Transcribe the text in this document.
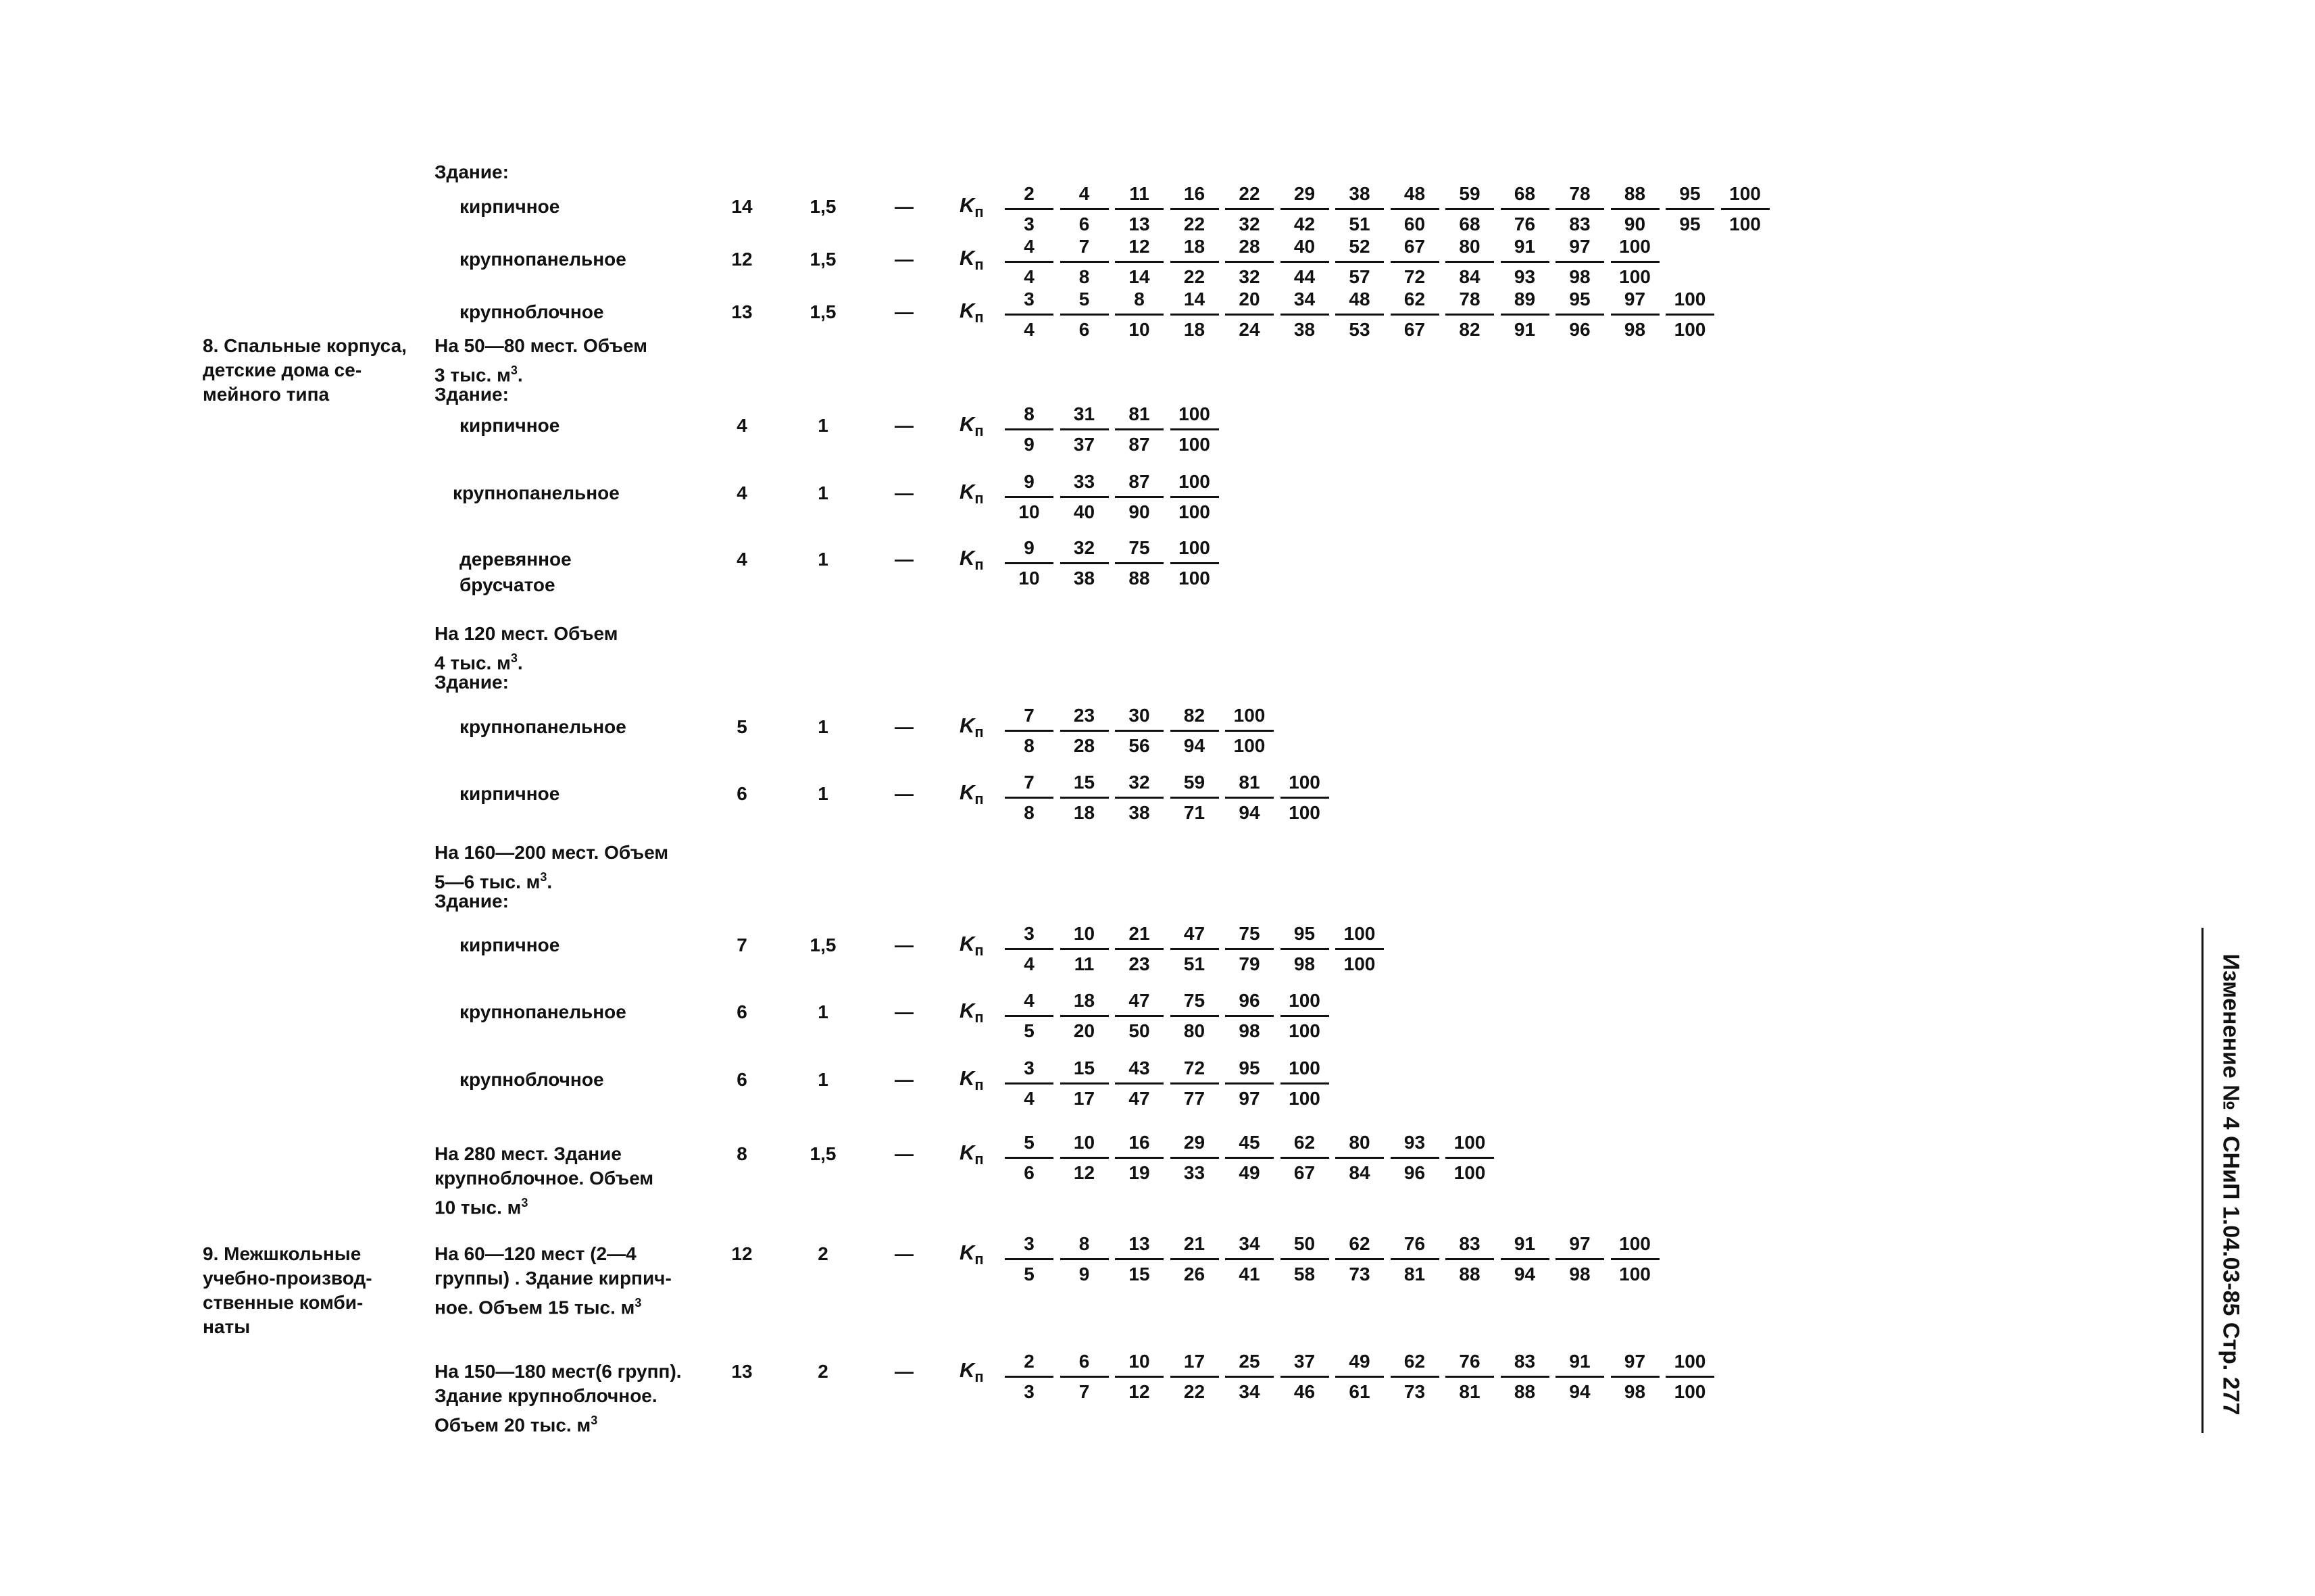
Здание:
кирпичное	14	1,5	—	$K_п \frac{2}{3} \frac{4}{6} \frac{11}{13} \frac{16}{22} \frac{22}{32} \frac{29}{42} \frac{38}{51} \frac{48}{60} \frac{59}{68} \frac{68}{76} \frac{78}{83} \frac{88}{90} \frac{95}{95} \frac{100}{100}$
крупнопанельное	12	1,5	—	$K_п \frac{4}{4} \frac{7}{8} \frac{12}{14} \frac{18}{22} \frac{28}{32} \frac{40}{44} \frac{52}{57} \frac{67}{72} \frac{80}{84} \frac{91}{93} \frac{97}{98} \frac{100}{100}$
крупноблочное	13	1,5	—	$K_п \frac{3}{4} \frac{5}{6} \frac{8}{10} \frac{14}{18} \frac{20}{24} \frac{34}{38} \frac{48}{53} \frac{62}{67} \frac{78}{82} \frac{89}{91} \frac{95}{96} \frac{97}{98} \frac{100}{100}$
8. Спальные корпуса,
детские дома се-
мейного типа
На 50—80 мест. Объем
3 тыс. $м^3$.
Здание:
кирпичное	4	1	—	$K_п \frac{8}{9} \frac{31}{37} \frac{81}{87} \frac{100}{100}$
крупнопанельное	4	1	—	$K_п \frac{9}{10} \frac{33}{40} \frac{87}{90} \frac{100}{100}$
деревянное
брусчатое
4	1	—	$K_п \frac{9}{10} \frac{32}{38} \frac{75}{88} \frac{100}{100}$
На 120 мест. Объем
4 тыс. $м^3$.
Здание:
крупнопанельное	5	1	—	$K_п \frac{7}{8} \frac{23}{28} \frac{30}{56} \frac{82}{94} \frac{100}{100}$
кирпичное	6	1	—	$K_п \frac{7}{8} \frac{15}{18} \frac{32}{38} \frac{59}{71} \frac{81}{94} \frac{100}{100}$
На 160—200 мест. Объем
5—6 тыс. $м^3$.
Здание:
кирпичное	7	1,5	—	$K_п \frac{3}{4} \frac{10}{11} \frac{21}{23} \frac{47}{51} \frac{75}{79} \frac{95}{98} \frac{100}{100}$
крупнопанельное	6	1	—	$K_п \frac{4}{5} \frac{18}{20} \frac{47}{50} \frac{75}{80} \frac{96}{98} \frac{100}{100}$
крупноблочное	6	1	—	$K_п \frac{3}{4} \frac{15}{17} \frac{43}{47} \frac{72}{77} \frac{95}{97} \frac{100}{100}$
На 280 мест. Здание
крупноблочное. Объем
10 тыс. $м^3$
8	1,5	—	$K_п \frac{5}{6} \frac{10}{12} \frac{16}{19} \frac{29}{33} \frac{45}{49} \frac{62}{67} \frac{80}{84} \frac{93}{96} \frac{100}{100}$
9. Межшкольные
учебно-производ-
ственные комби-
наты
На 60—120 мест (2—4
группы) . Здание кирпич-
ное. Объем 15 тыс. $м^3$
12	2	—	$K_п \frac{3}{5} \frac{8}{9} \frac{13}{15} \frac{21}{26} \frac{34}{41} \frac{50}{58} \frac{62}{73} \frac{76}{81} \frac{83}{88} \frac{91}{94} \frac{97}{98} \frac{100}{100}$
На 150—180 мест(6 групп).
Здание крупноблочное.
Объем 20 тыс. $м^3$
13	2	—	$K_п \frac{2}{3} \frac{6}{7} \frac{10}{12} \frac{17}{22} \frac{25}{34} \frac{37}{46} \frac{49}{61} \frac{62}{73} \frac{76}{81} \frac{83}{88} \frac{91}{94} \frac{97}{98} \frac{100}{100}$	Изменение № 4 СНиП 1.04.03-85 Стр. 277
